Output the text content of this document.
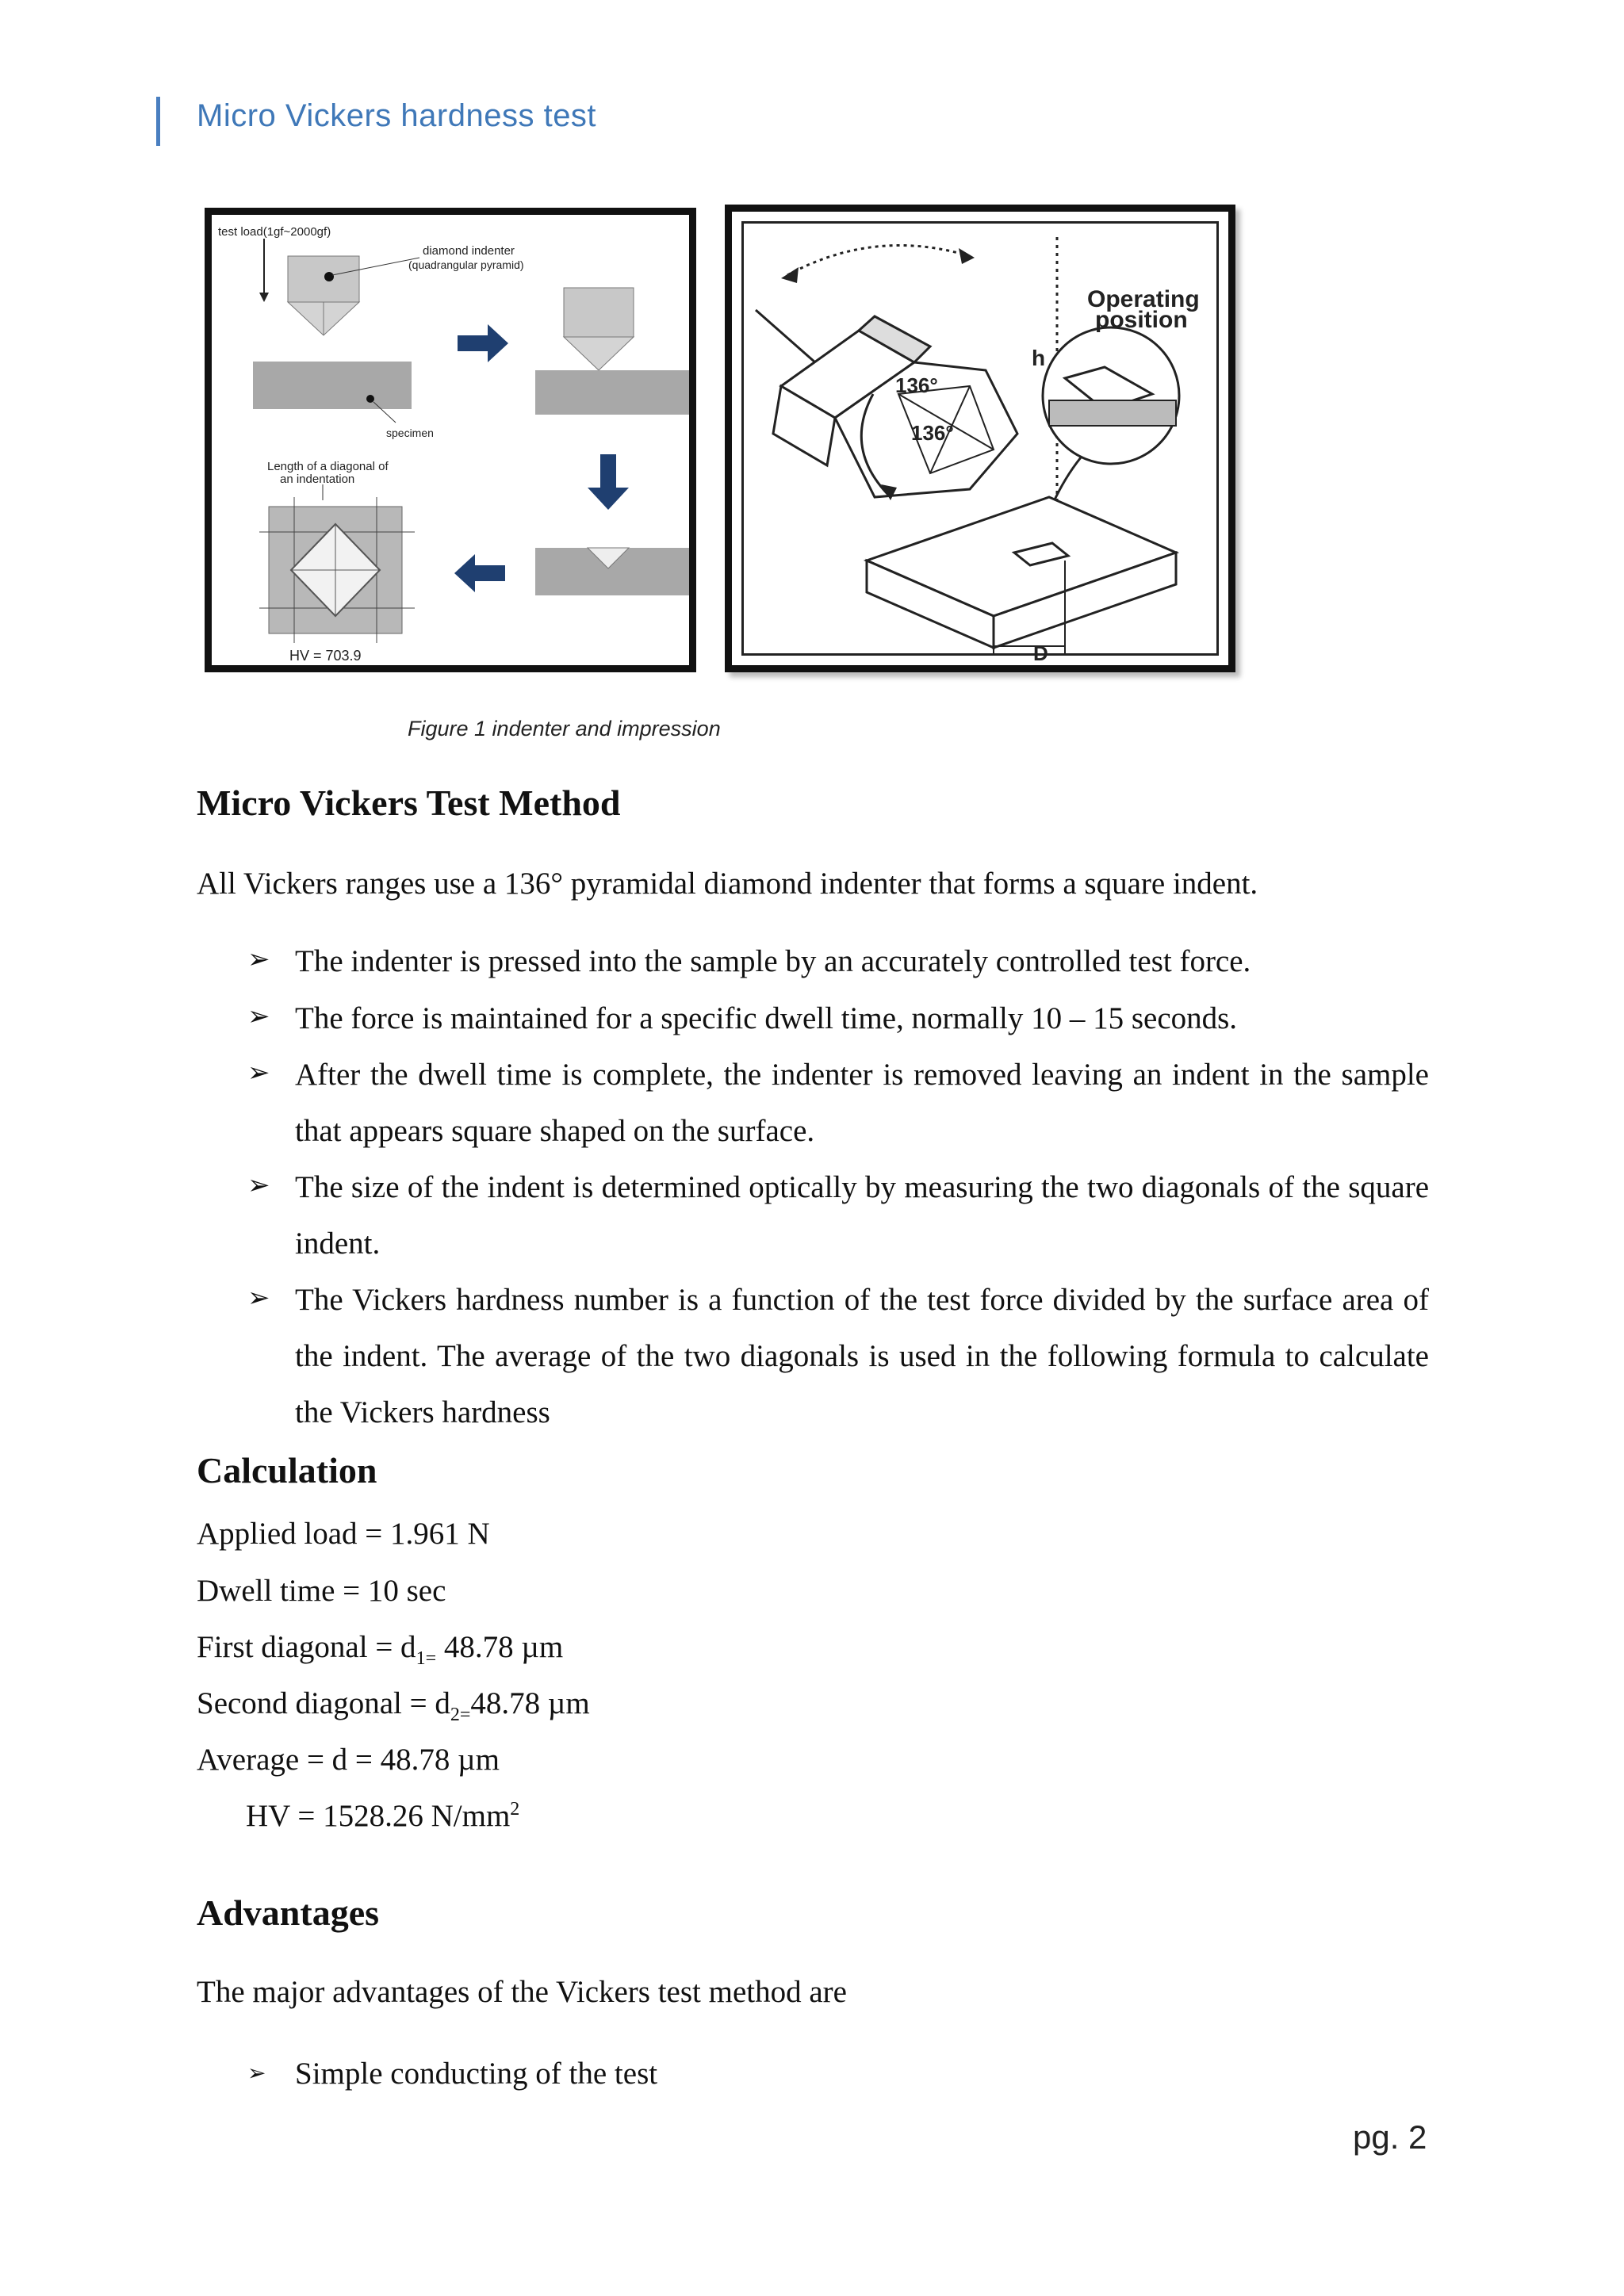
Micro Vickers hardness test
test load(1gf~2000gf)
diamond indenter
(quadrangular pyramid)
specimen
Length of a diagonal of
an indentation
HV = 703.9
136°
136°
h
Operating
position
D
Figure 1 indenter and impression
Micro Vickers Test Method
All Vickers ranges use a 136° pyramidal diamond indenter that forms a square indent.
➢ The indenter is pressed into the sample by an accurately controlled test force.
➢ The force is maintained for a specific dwell time, normally 10 – 15 seconds.
➢ After the dwell time is complete, the indenter is removed leaving an indent in the sample that appears square shaped on the surface.
➢ The size of the indent is determined optically by measuring the two diagonals of the square indent.
➢ The Vickers hardness number is a function of the test force divided by the surface area of the indent. The average of the two diagonals is used in the following formula to calculate the Vickers hardness
Calculation
Applied load = 1.961 N
Dwell time = 10 sec
First diagonal = $d_{1=}$ 48.78 µm
Second diagonal = $d_{2=}48.78$ µm
Average = d = 48.78 µm
HV = 1528.26 $N/mm^2$
Advantages
The major advantages of the Vickers test method are
➢ Simple conducting of the test
pg. 2
